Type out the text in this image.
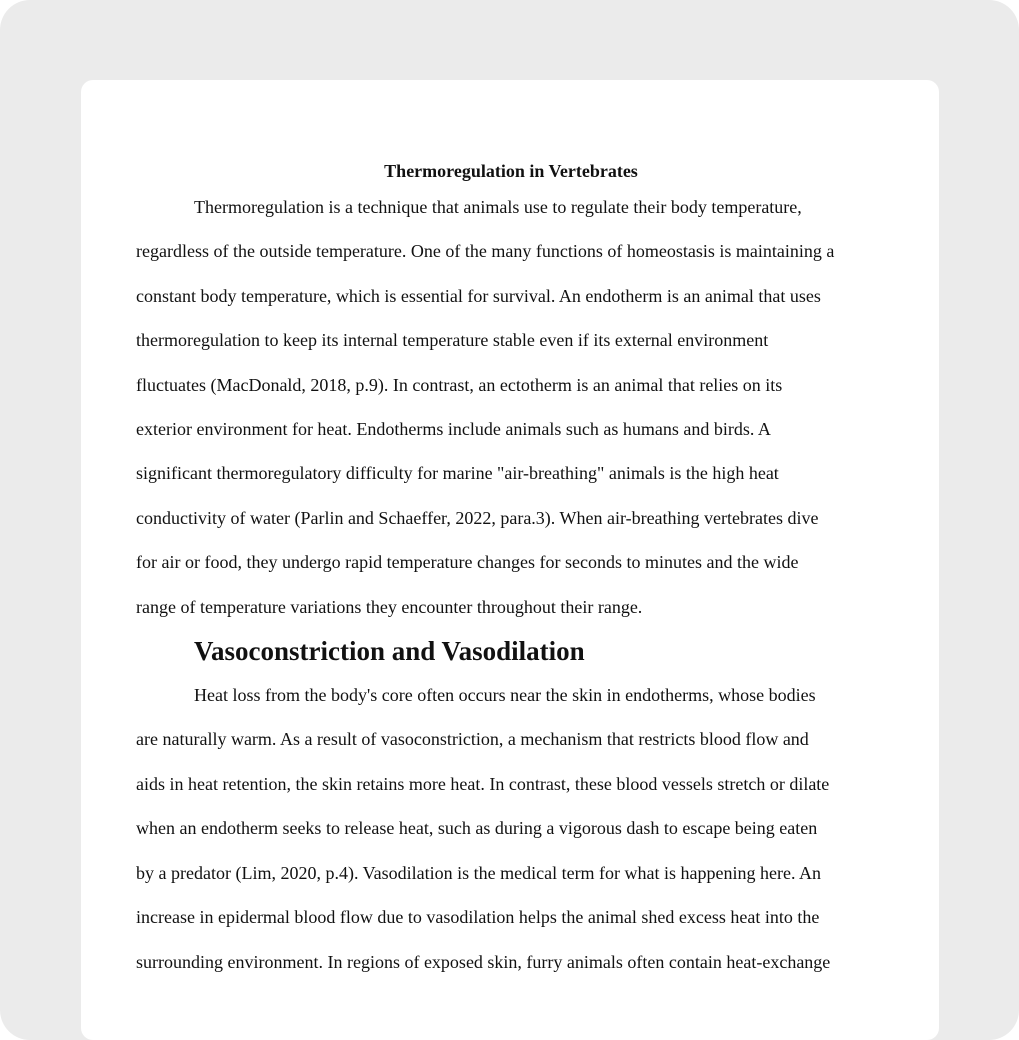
Thermoregulation in Vertebrates

Thermoregulation is a technique that animals use to regulate their body temperature,
regardless of the outside temperature. One of the many functions of homeostasis is maintaining a
constant body temperature, which is essential for survival. An endotherm is an animal that uses
thermoregulation to keep its internal temperature stable even if its external environment
fluctuates (MacDonald, 2018, p.9). In contrast, an ectotherm is an animal that relies on its
exterior environment for heat. Endotherms include animals such as humans and birds. A
significant thermoregulatory difficulty for marine "air-breathing" animals is the high heat
conductivity of water (Parlin and Schaeffer, 2022, para.3). When air-breathing vertebrates dive
for air or food, they undergo rapid temperature changes for seconds to minutes and the wide
range of temperature variations they encounter throughout their range.

Vasoconstriction and Vasodilation

Heat loss from the body's core often occurs near the skin in endotherms, whose bodies
are naturally warm. As a result of vasoconstriction, a mechanism that restricts blood flow and
aids in heat retention, the skin retains more heat. In contrast, these blood vessels stretch or dilate
when an endotherm seeks to release heat, such as during a vigorous dash to escape being eaten
by a predator (Lim, 2020, p.4). Vasodilation is the medical term for what is happening here. An
increase in epidermal blood flow due to vasodilation helps the animal shed excess heat into the
surrounding environment. In regions of exposed skin, furry animals often contain heat-exchange
